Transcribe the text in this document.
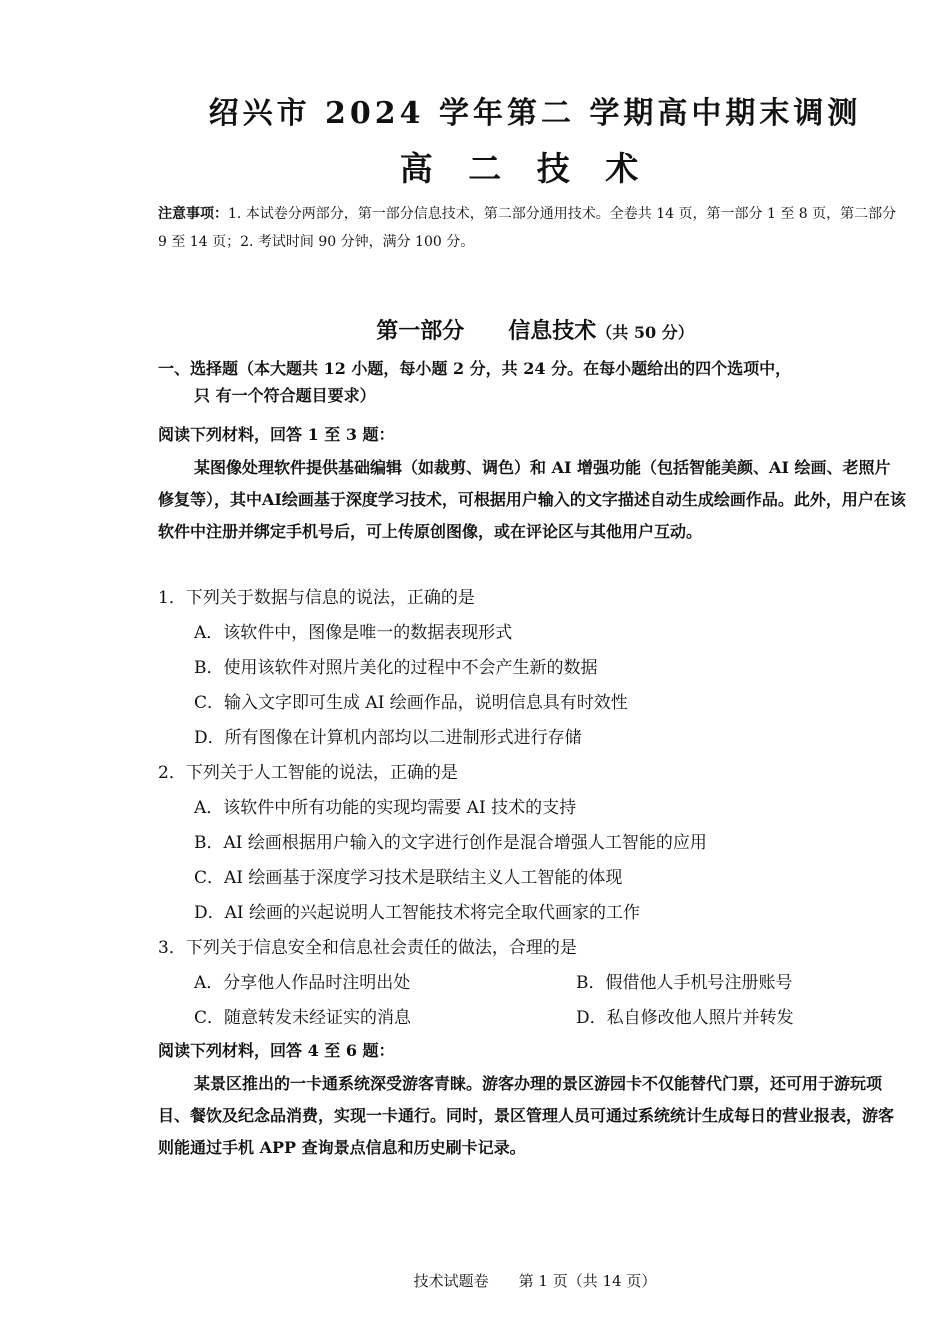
绍兴市 2024 学年第二 学期高中期末调测
高 二 技 术
注意事项：1. 本试卷分两部分，第一部分信息技术，第二部分通用技术。全卷共 14 页，第一部分 1 至 8 页，第二部分 9 至 14 页；2. 考试时间 90 分钟，满分 100 分。
第一部分　　信息技术（共 50 分）
一、选择题（本大题共 12 小题，每小题 2 分，共 24 分。在每小题给出的四个选项中，
只 有一个符合题目要求）
阅读下列材料，回答 1 至 3 题：
某图像处理软件提供基础编辑（如裁剪、调色）和 AI 增强功能（包括智能美颜、AI 绘画、老照片修复等），其中AI绘画基于深度学习技术，可根据用户输入的文字描述自动生成绘画作品。此外，用户在该软件中注册并绑定手机号后，可上传原创图像，或在评论区与其他用户互动。
1．下列关于数据与信息的说法，正确的是
A．该软件中，图像是唯一的数据表现形式
B．使用该软件对照片美化的过程中不会产生新的数据
C．输入文字即可生成 AI 绘画作品，说明信息具有时效性
D．所有图像在计算机内部均以二进制形式进行存储
2．下列关于人工智能的说法，正确的是
A．该软件中所有功能的实现均需要 AI 技术的支持
B．AI 绘画根据用户输入的文字进行创作是混合增强人工智能的应用
C．AI 绘画基于深度学习技术是联结主义人工智能的体现
D．AI 绘画的兴起说明人工智能技术将完全取代画家的工作
3．下列关于信息安全和信息社会责任的做法，合理的是
A．分享他人作品时注明出处	B．假借他人手机号注册账号
C．随意转发未经证实的消息	D．私自修改他人照片并转发
阅读下列材料，回答 4 至 6 题：
某景区推出的一卡通系统深受游客青睐。游客办理的景区游园卡不仅能替代门票，还可用于游玩项目、餐饮及纪念品消费，实现一卡通行。同时，景区管理人员可通过系统统计生成每日的营业报表，游客则能通过手机 APP 查询景点信息和历史刷卡记录。
技术试题卷　　第 1 页（共 14 页）
